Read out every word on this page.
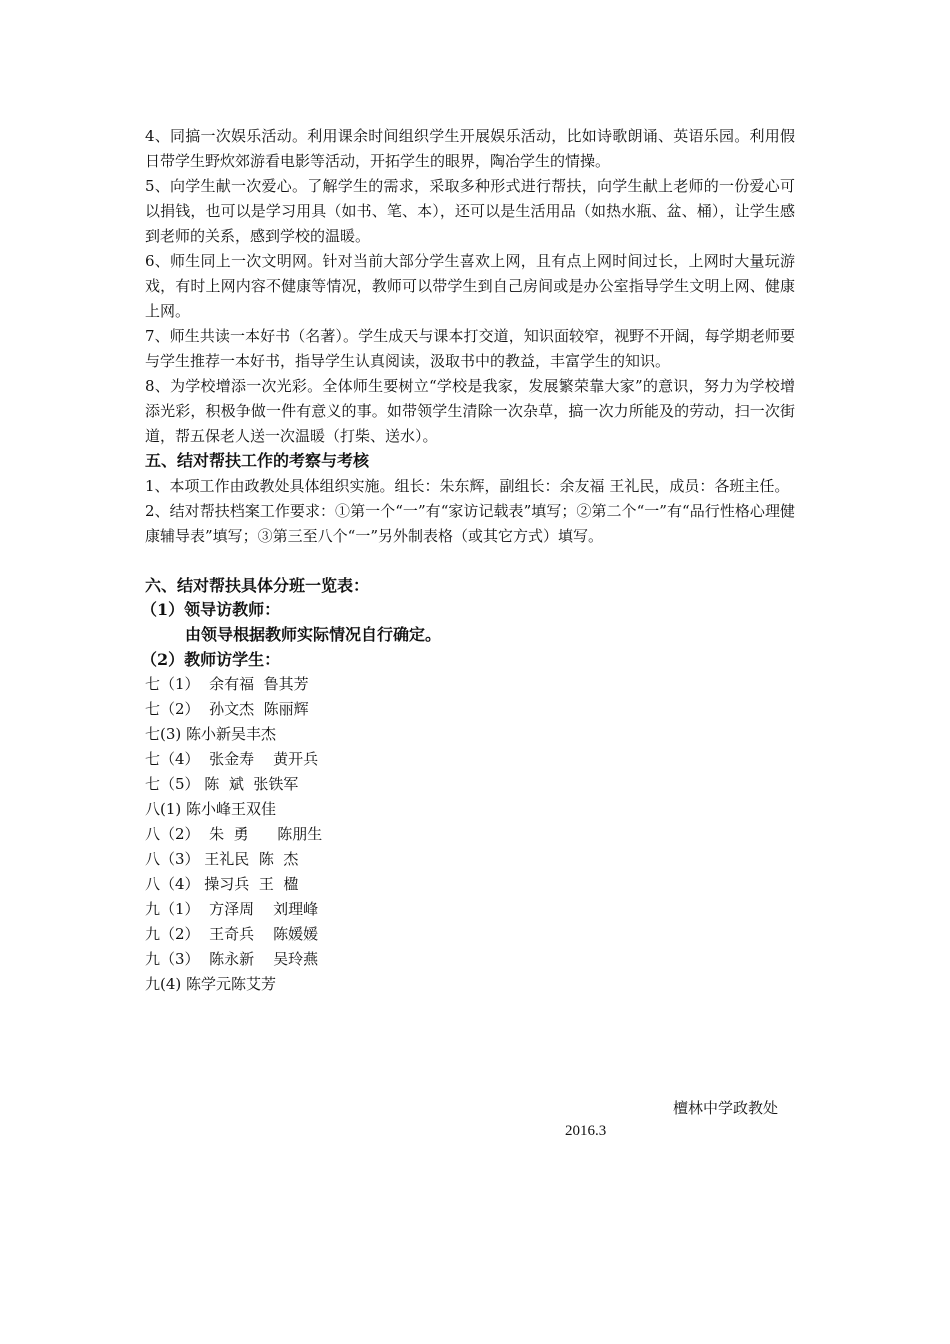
4、同搞一次娱乐活动。利用课余时间组织学生开展娱乐活动，比如诗歌朗诵、英语乐园。利用假日带学生野炊郊游看电影等活动，开拓学生的眼界，陶冶学生的情操。

5、向学生献一次爱心。了解学生的需求，采取多种形式进行帮扶，向学生献上老师的一份爱心可以捐钱，也可以是学习用具（如书、笔、本），还可以是生活用品（如热水瓶、盆、桶），让学生感到老师的关系，感到学校的温暖。

6、师生同上一次文明网。针对当前大部分学生喜欢上网，且有点上网时间过长，上网时大量玩游戏，有时上网内容不健康等情况，教师可以带学生到自己房间或是办公室指导学生文明上网、健康上网。

7、师生共读一本好书（名著）。学生成天与课本打交道，知识面较窄，视野不开阔，每学期老师要与学生推荐一本好书，指导学生认真阅读，汲取书中的教益，丰富学生的知识。

8、为学校增添一次光彩。全体师生要树立“学校是我家，发展繁荣靠大家”的意识，努力为学校增添光彩，积极争做一件有意义的事。如带领学生清除一次杂草，搞一次力所能及的劳动，扫一次街道，帮五保老人送一次温暖（打柴、送水）。

五、结对帮扶工作的考察与考核

1、本项工作由政教处具体组织实施。组长：朱东辉，副组长：余友福 王礼民，成员：各班主任。

2、结对帮扶档案工作要求：①第一个“一”有“家访记载表”填写；②第二个“一”有“品行性格心理健康辅导表”填写；③第三至八个“一”另外制表格（或其它方式）填写。

六、结对帮扶具体分班一览表：
（1）领导访教师：
由领导根据教师实际情况自行确定。
（2）教师访学生：
七（1）  余有福  鲁其芳
七（2）  孙文杰  陈丽辉
七(3) 陈小新吴丰杰
七（4）  张金寿    黄开兵
七（5） 陈  斌  张铁军
八(1) 陈小峰王双佳
八（2）  朱  勇      陈朋生
八（3） 王礼民  陈  杰
八（4） 操习兵  王  楹
九（1）  方泽周    刘理峰
九（2）  王奇兵    陈媛媛
九（3）  陈永新    吴玲燕
九(4) 陈学元陈艾芳
檀林中学政教处
2016.3
